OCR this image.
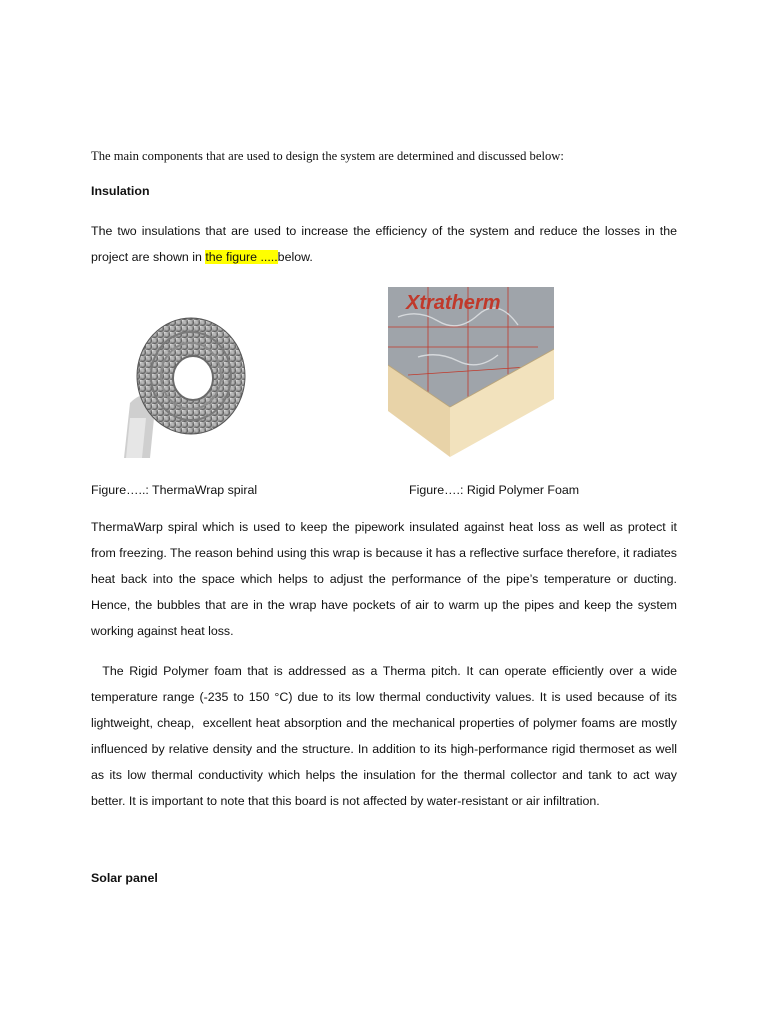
The main components that are used to design the system are determined and discussed below:
Insulation
The two insulations that are used to increase the efficiency of the system and reduce the losses in the project are shown in the figure .....below.
Xtratherm
Figure…..: ThermaWrap spiral	Figure….: Rigid Polymer Foam
ThermaWarp spiral which is used to keep the pipework insulated against heat loss as well as protect it from freezing. The reason behind using this wrap is because it has a reflective surface therefore, it radiates heat back into the space which helps to adjust the performance of the pipe’s temperature or ducting. Hence, the bubbles that are in the wrap have pockets of air to warm up the pipes and keep the system working against heat loss.
The Rigid Polymer foam that is addressed as a Therma pitch. It can operate efficiently over a wide temperature range (-235 to 150 °C) due to its low thermal conductivity values. It is used because of its lightweight, cheap,  excellent heat absorption and the mechanical properties of polymer foams are mostly influenced by relative density and the structure. In addition to its high-performance rigid thermoset as well as its low thermal conductivity which helps the insulation for the thermal collector and tank to act way better. It is important to note that this board is not affected by water-resistant or air infiltration.
Solar panel
